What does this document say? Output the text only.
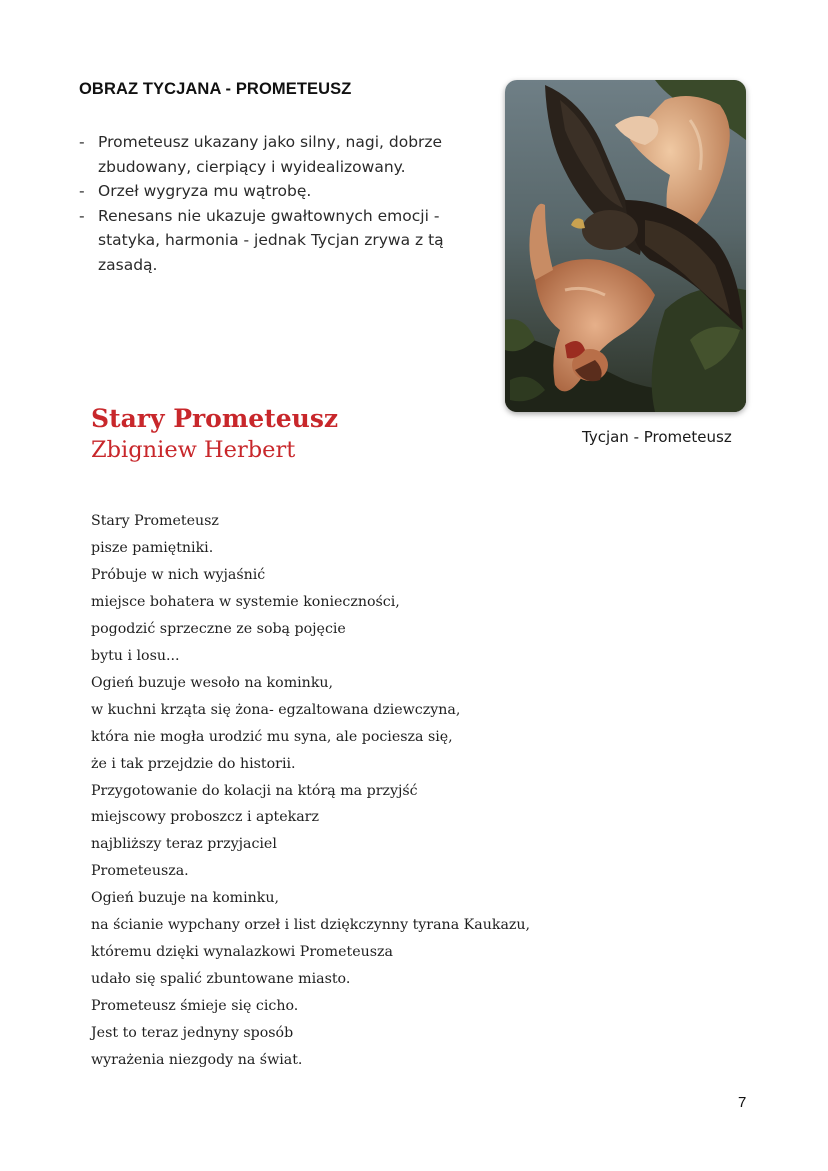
OBRAZ TYCJANA - PROMETEUSZ
- Prometeusz ukazany jako silny, nagi, dobrze
zbudowany, cierpiący i wyidealizowany.
- Orzeł wygryza mu wątrobę.
- Renesans nie ukazuje gwałtownych emocji -
statyka, harmonia - jednak Tycjan zrywa z tą
zasadą.
Tycjan - Prometeusz
Stary Prometeusz
Zbigniew Herbert
Stary Prometeusz
pisze pamiętniki.
Próbuje w nich wyjaśnić
miejsce bohatera w systemie konieczności,
pogodzić sprzeczne ze sobą pojęcie
bytu i losu...
Ogień buzuje wesoło na kominku,
w kuchni krząta się żona- egzaltowana dziewczyna,
która nie mogła urodzić mu syna, ale pociesza się,
że i tak przejdzie do historii.
Przygotowanie do kolacji na którą ma przyjść
miejscowy proboszcz i aptekarz
najbliższy teraz przyjaciel
Prometeusza.
Ogień buzuje na kominku,
na ścianie wypchany orzeł i list dziękczynny tyrana Kaukazu,
któremu dzięki wynalazkowi Prometeusza
udało się spalić zbuntowane miasto.
Prometeusz śmieje się cicho.
Jest to teraz jednyny sposób
wyrażenia niezgody na świat.
7
